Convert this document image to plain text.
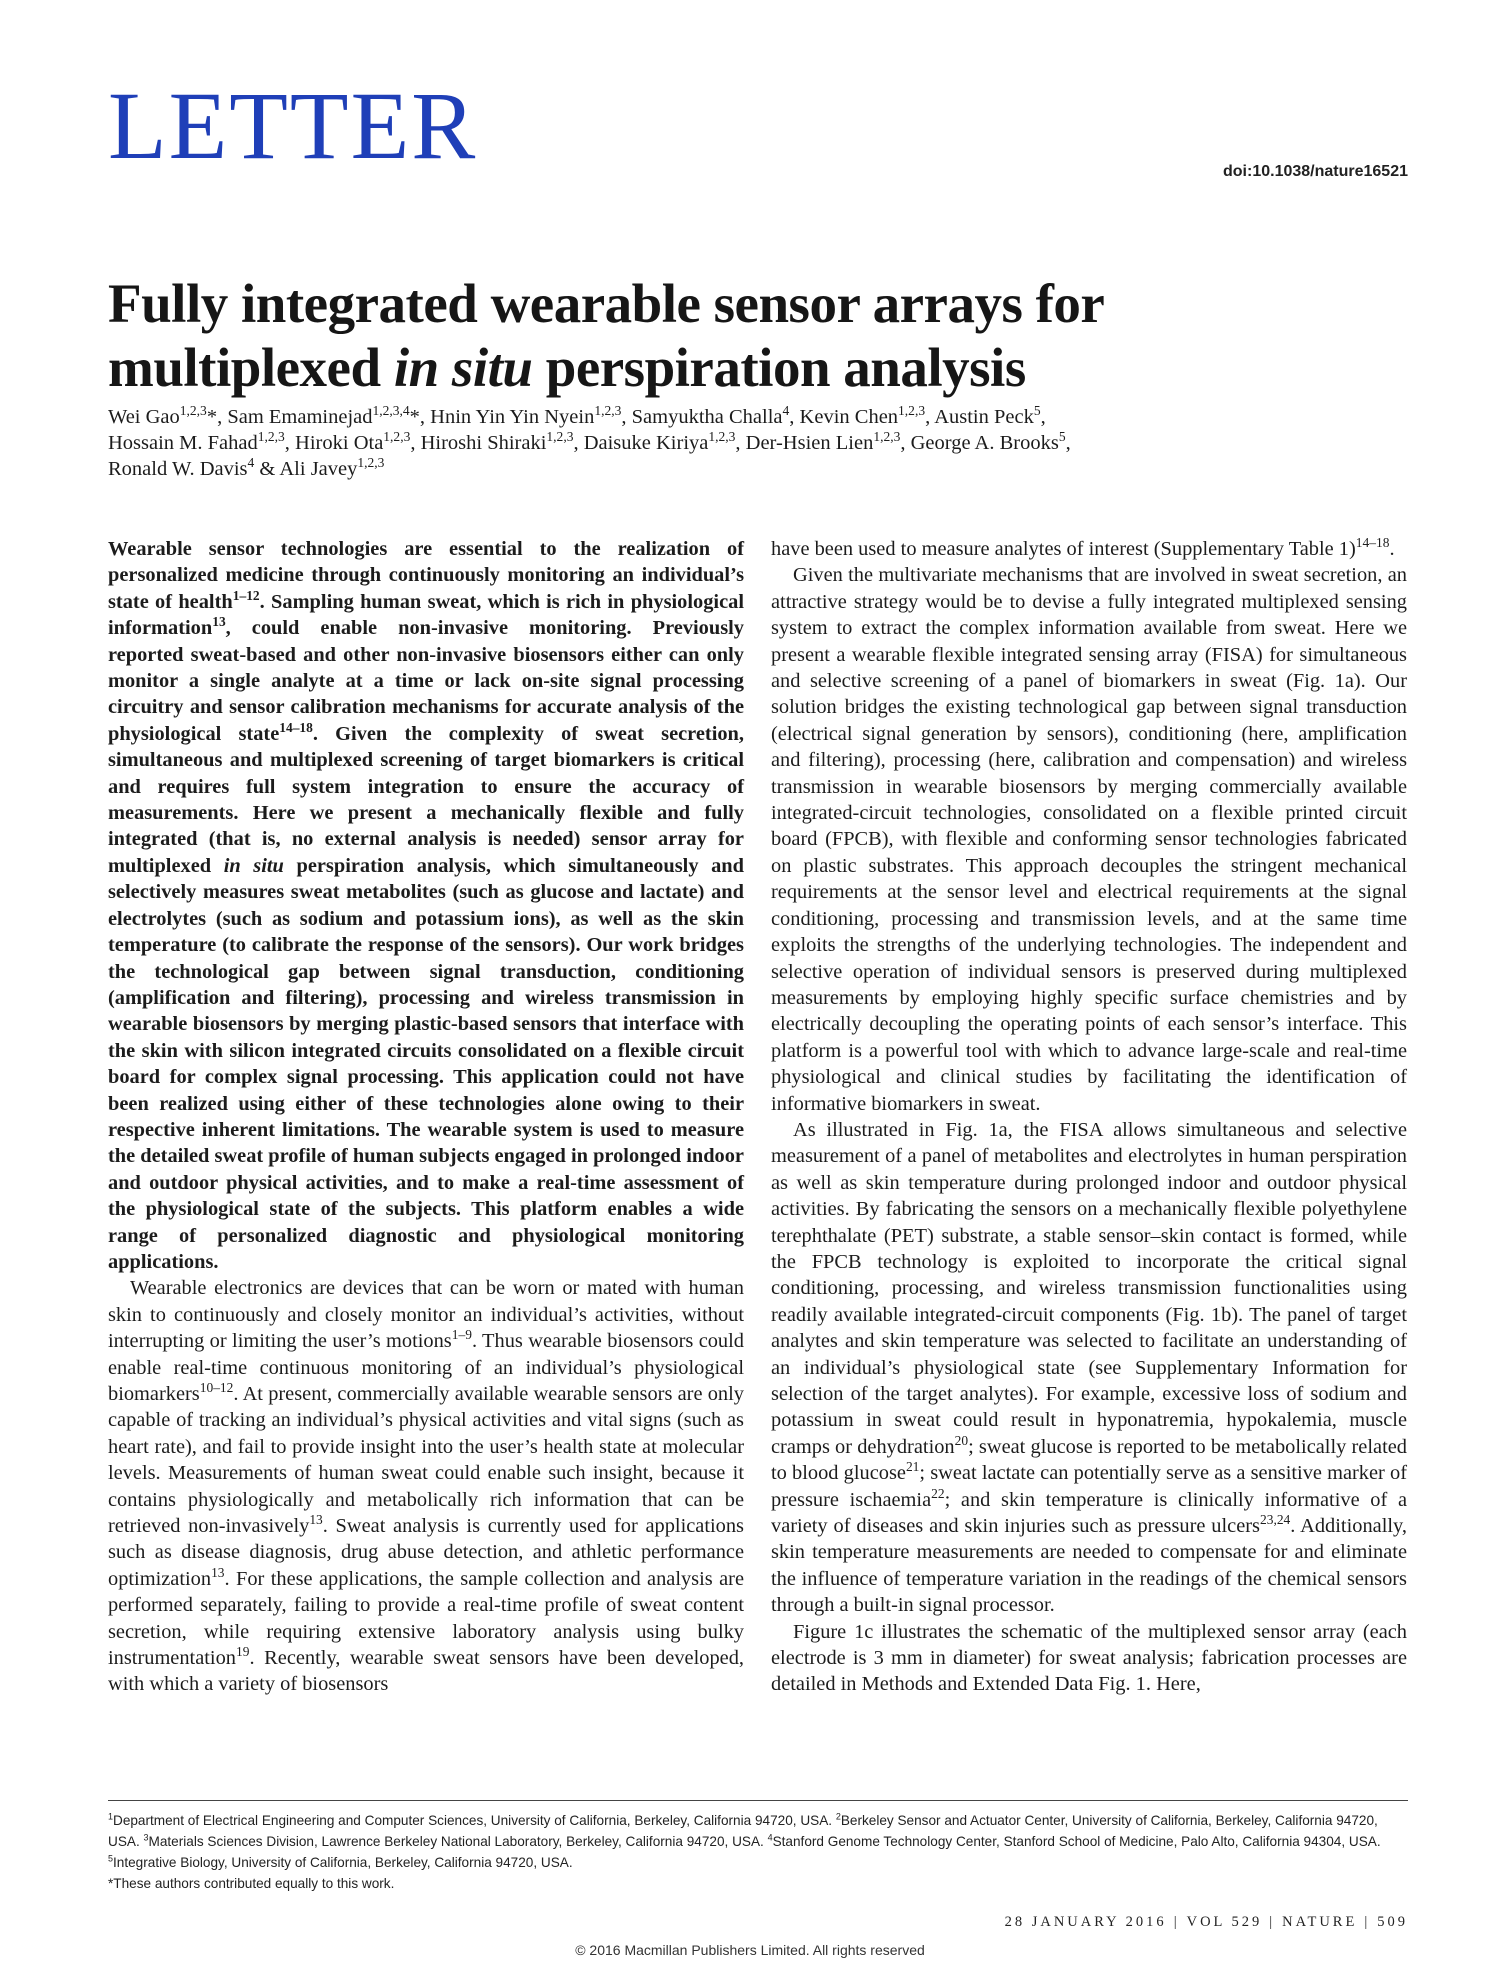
LETTER	doi:10.1038/nature16521
Fully integrated wearable sensor arrays for
multiplexed in situ perspiration analysis

Wei Gao$^{1,2,3}$*, Sam Emaminejad$^{1,2,3,4}$*, Hnin Yin Yin Nyein$^{1,2,3}$, Samyuktha Challa$^4$, Kevin Chen$^{1,2,3}$, Austin Peck$^5$,

Hossain M. Fahad$^{1,2,3}$, Hiroki Ota$^{1,2,3}$, Hiroshi Shiraki$^{1,2,3}$, Daisuke Kiriya$^{1,2,3}$, Der-Hsien Lien$^{1,2,3}$, George A. Brooks$^5$,

Ronald W. Davis$^4$ & Ali Javey$^{1,2,3}$

Wearable sensor technologies are essential to the realization of personalized medicine through continuously monitoring an individual’s state of health$^{1-12}$. Sampling human sweat, which is rich in physiological information$^{13}$, could enable non-invasive monitoring. Previously reported sweat-based and other non-invasive biosensors either can only monitor a single analyte at a time or lack on-site signal processing circuitry and sensor calibration mechanisms for accurate analysis of the physiological state$^{14-18}$. Given the complexity of sweat secretion, simultaneous and multiplexed screening of target biomarkers is critical and requires full system integration to ensure the accuracy of measurements. Here we present a mechanically flexible and fully integrated (that is, no external analysis is needed) sensor array for multiplexed in situ perspiration analysis, which simultaneously and selectively measures sweat metabolites (such as glucose and lactate) and electrolytes (such as sodium and potassium ions), as well as the skin temperature (to calibrate the response of the sensors). Our work bridges the technological gap between signal transduction, conditioning (amplification and filtering), processing and wireless transmission in wearable biosensors by merging plastic-based sensors that interface with the skin with silicon integrated circuits consolidated on a flexible circuit board for complex signal processing. This application could not have been realized using either of these technologies alone owing to their respective inherent limitations. The wearable system is used to measure the detailed sweat profile of human subjects engaged in prolonged indoor and outdoor physical activities, and to make a real-time assessment of the physiological state of the subjects. This platform enables a wide range of personalized diagnostic and physiological monitoring applications.

Wearable electronics are devices that can be worn or mated with human skin to continuously and closely monitor an individual’s activities, without interrupting or limiting the user’s motions$^{1-9}$. Thus wearable biosensors could enable real-time continuous monitoring of an individual’s physiological biomarkers$^{10-12}$. At present, commercially available wearable sensors are only capable of tracking an individual’s physical activities and vital signs (such as heart rate), and fail to provide insight into the user’s health state at molecular levels. Measurements of human sweat could enable such insight, because it contains physiologically and metabolically rich information that can be retrieved non-invasively$^{13}$. Sweat analysis is currently used for applications such as disease diagnosis, drug abuse detection, and athletic performance optimization$^{13}$. For these applications, the sample collection and analysis are performed separately, failing to provide a real-time profile of sweat content secretion, while requiring extensive laboratory analysis using bulky instrumentation$^{19}$. Recently, wearable sweat sensors have been developed, with which a variety of biosensors

have been used to measure analytes of interest (Supplementary Table 1)$^{14-18}$.

Given the multivariate mechanisms that are involved in sweat secretion, an attractive strategy would be to devise a fully integrated multiplexed sensing system to extract the complex information available from sweat. Here we present a wearable flexible integrated sensing array (FISA) for simultaneous and selective screening of a panel of biomarkers in sweat (Fig. 1a). Our solution bridges the existing technological gap between signal transduction (electrical signal generation by sensors), conditioning (here, amplification and filtering), processing (here, calibration and compensation) and wireless transmission in wearable biosensors by merging commercially available integrated-circuit technologies, consolidated on a flexible printed circuit board (FPCB), with flexible and conforming sensor technologies fabricated on plastic substrates. This approach decouples the stringent mechanical requirements at the sensor level and electrical requirements at the signal conditioning, processing and transmission levels, and at the same time exploits the strengths of the underlying technologies. The independent and selective operation of individual sensors is preserved during multiplexed measurements by employing highly specific surface chemistries and by electrically decoupling the operating points of each sensor’s interface. This platform is a powerful tool with which to advance large-scale and real-time physiological and clinical studies by facilitating the identification of informative biomarkers in sweat.

As illustrated in Fig. 1a, the FISA allows simultaneous and selective measurement of a panel of metabolites and electrolytes in human perspiration as well as skin temperature during prolonged indoor and outdoor physical activities. By fabricating the sensors on a mechanically flexible polyethylene terephthalate (PET) substrate, a stable sensor–skin contact is formed, while the FPCB technology is exploited to incorporate the critical signal conditioning, processing, and wireless transmission functionalities using readily available integrated-circuit components (Fig. 1b). The panel of target analytes and skin temperature was selected to facilitate an understanding of an individual’s physiological state (see Supplementary Information for selection of the target analytes). For example, excessive loss of sodium and potassium in sweat could result in hyponatremia, hypokalemia, muscle cramps or dehydration$^{20}$; sweat glucose is reported to be metabolically related to blood glucose$^{21}$; sweat lactate can potentially serve as a sensitive marker of pressure ischaemia$^{22}$; and skin temperature is clinically informative of a variety of diseases and skin injuries such as pressure ulcers$^{23,24}$. Additionally, skin temperature measurements are needed to compensate for and eliminate the influence of temperature variation in the readings of the chemical sensors through a built-in signal processor.

Figure 1c illustrates the schematic of the multiplexed sensor array (each electrode is 3 mm in diameter) for sweat analysis; fabrication processes are detailed in Methods and Extended Data Fig. 1. Here,

$^1$Department of Electrical Engineering and Computer Sciences, University of California, Berkeley, California 94720, USA. $^2$Berkeley Sensor and Actuator Center, University of California, Berkeley, California 94720, USA. $^3$Materials Sciences Division, Lawrence Berkeley National Laboratory, Berkeley, California 94720, USA. $^4$Stanford Genome Technology Center, Stanford School of Medicine, Palo Alto, California 94304, USA. $^5$Integrative Biology, University of California, Berkeley, California 94720, USA.

*These authors contributed equally to this work.

28 JANUARY 2016 | VOL 529 | NATURE | 509
© 2016 Macmillan Publishers Limited. All rights reserved
